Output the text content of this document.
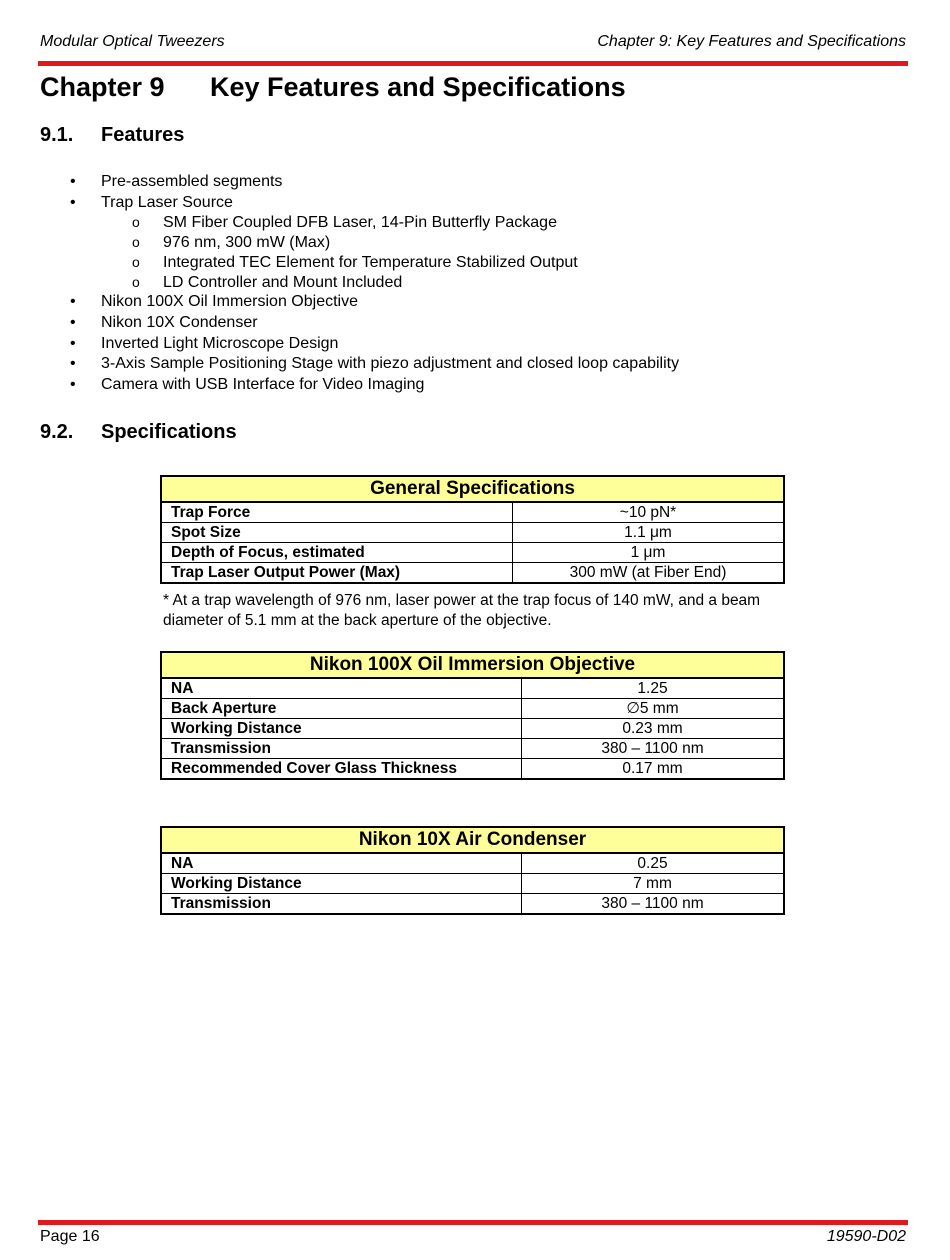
Modular Optical Tweezers	Chapter 9: Key Features and Specifications
Chapter 9	Key Features and Specifications
9.1.	Features
• Pre-assembled segments
• Trap Laser Source
o SM Fiber Coupled DFB Laser, 14-Pin Butterfly Package
o 976 nm, 300 mW (Max)
o Integrated TEC Element for Temperature Stabilized Output
o LD Controller and Mount Included
• Nikon 100X Oil Immersion Objective
• Nikon 10X Condenser
• Inverted Light Microscope Design
• 3-Axis Sample Positioning Stage with piezo adjustment and closed loop capability
• Camera with USB Interface for Video Imaging
9.2.	Specifications
General Specifications	
Trap Force	~10 pN*
Spot Size	1.1 μm
Depth of Focus, estimated	1 μm
Trap Laser Output Power (Max)	300 mW (at Fiber End)
* At a trap wavelength of 976 nm, laser power at the trap focus of 140 mW, and a beam diameter of 5.1 mm at the back aperture of the objective.
Nikon 100X Oil Immersion Objective	
NA	1.25
Back Aperture	∅5 mm
Working Distance	0.23 mm
Transmission	380 – 1100 nm
Recommended Cover Glass Thickness	0.17 mm
Nikon 10X Air Condenser	
NA	0.25
Working Distance	7 mm
Transmission	380 – 1100 nm
Page 16	19590-D02
